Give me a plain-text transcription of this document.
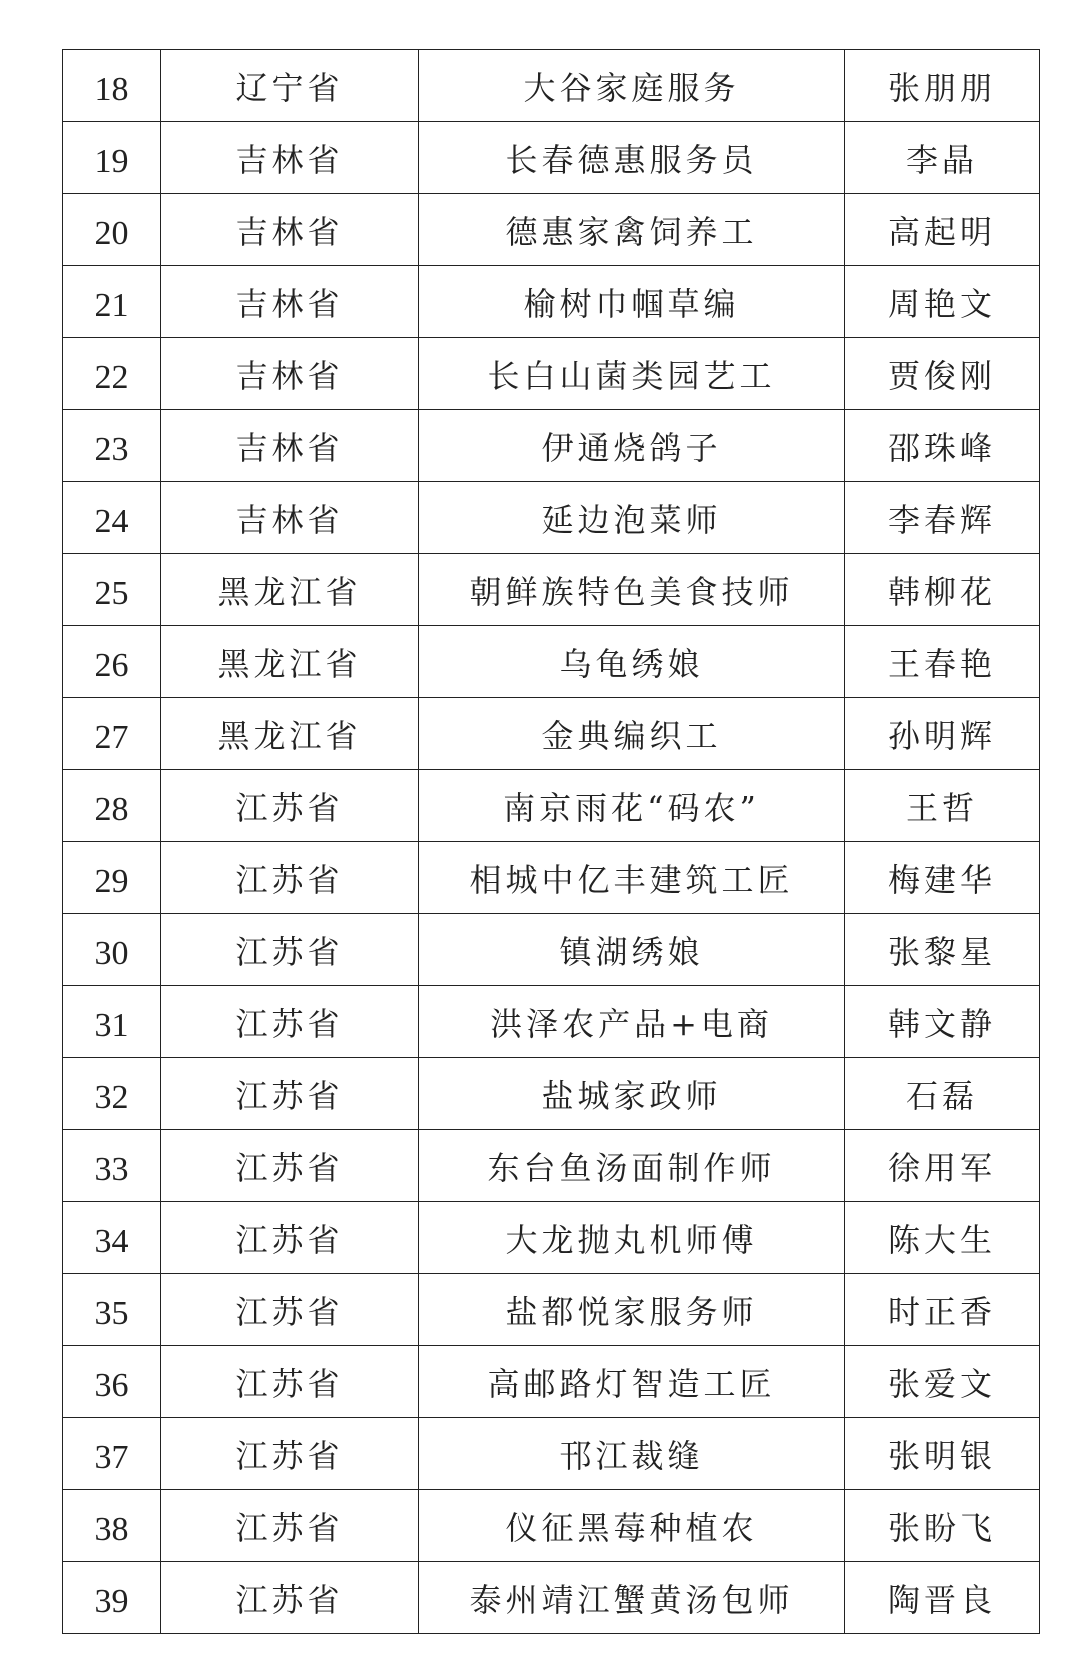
18	辽宁省	大谷家庭服务	张朋朋
19	吉林省	长春德惠服务员	李晶
20	吉林省	德惠家禽饲养工	高起明
21	吉林省	榆树巾帼草编	周艳文
22	吉林省	长白山菌类园艺工	贾俊刚
23	吉林省	伊通烧鸽子	邵珠峰
24	吉林省	延边泡菜师	李春辉
25	黑龙江省	朝鲜族特色美食技师	韩柳花
26	黑龙江省	乌龟绣娘	王春艳
27	黑龙江省	金典编织工	孙明辉
28	江苏省	南京雨花“码农”	王哲
29	江苏省	相城中亿丰建筑工匠	梅建华
30	江苏省	镇湖绣娘	张黎星
31	江苏省	洪泽农产品+电商	韩文静
32	江苏省	盐城家政师	石磊
33	江苏省	东台鱼汤面制作师	徐用军
34	江苏省	大龙抛丸机师傅	陈大生
35	江苏省	盐都悦家服务师	时正香
36	江苏省	高邮路灯智造工匠	张爱文
37	江苏省	邗江裁缝	张明银
38	江苏省	仪征黑莓种植农	张盼飞
39	江苏省	泰州靖江蟹黄汤包师	陶晋良
